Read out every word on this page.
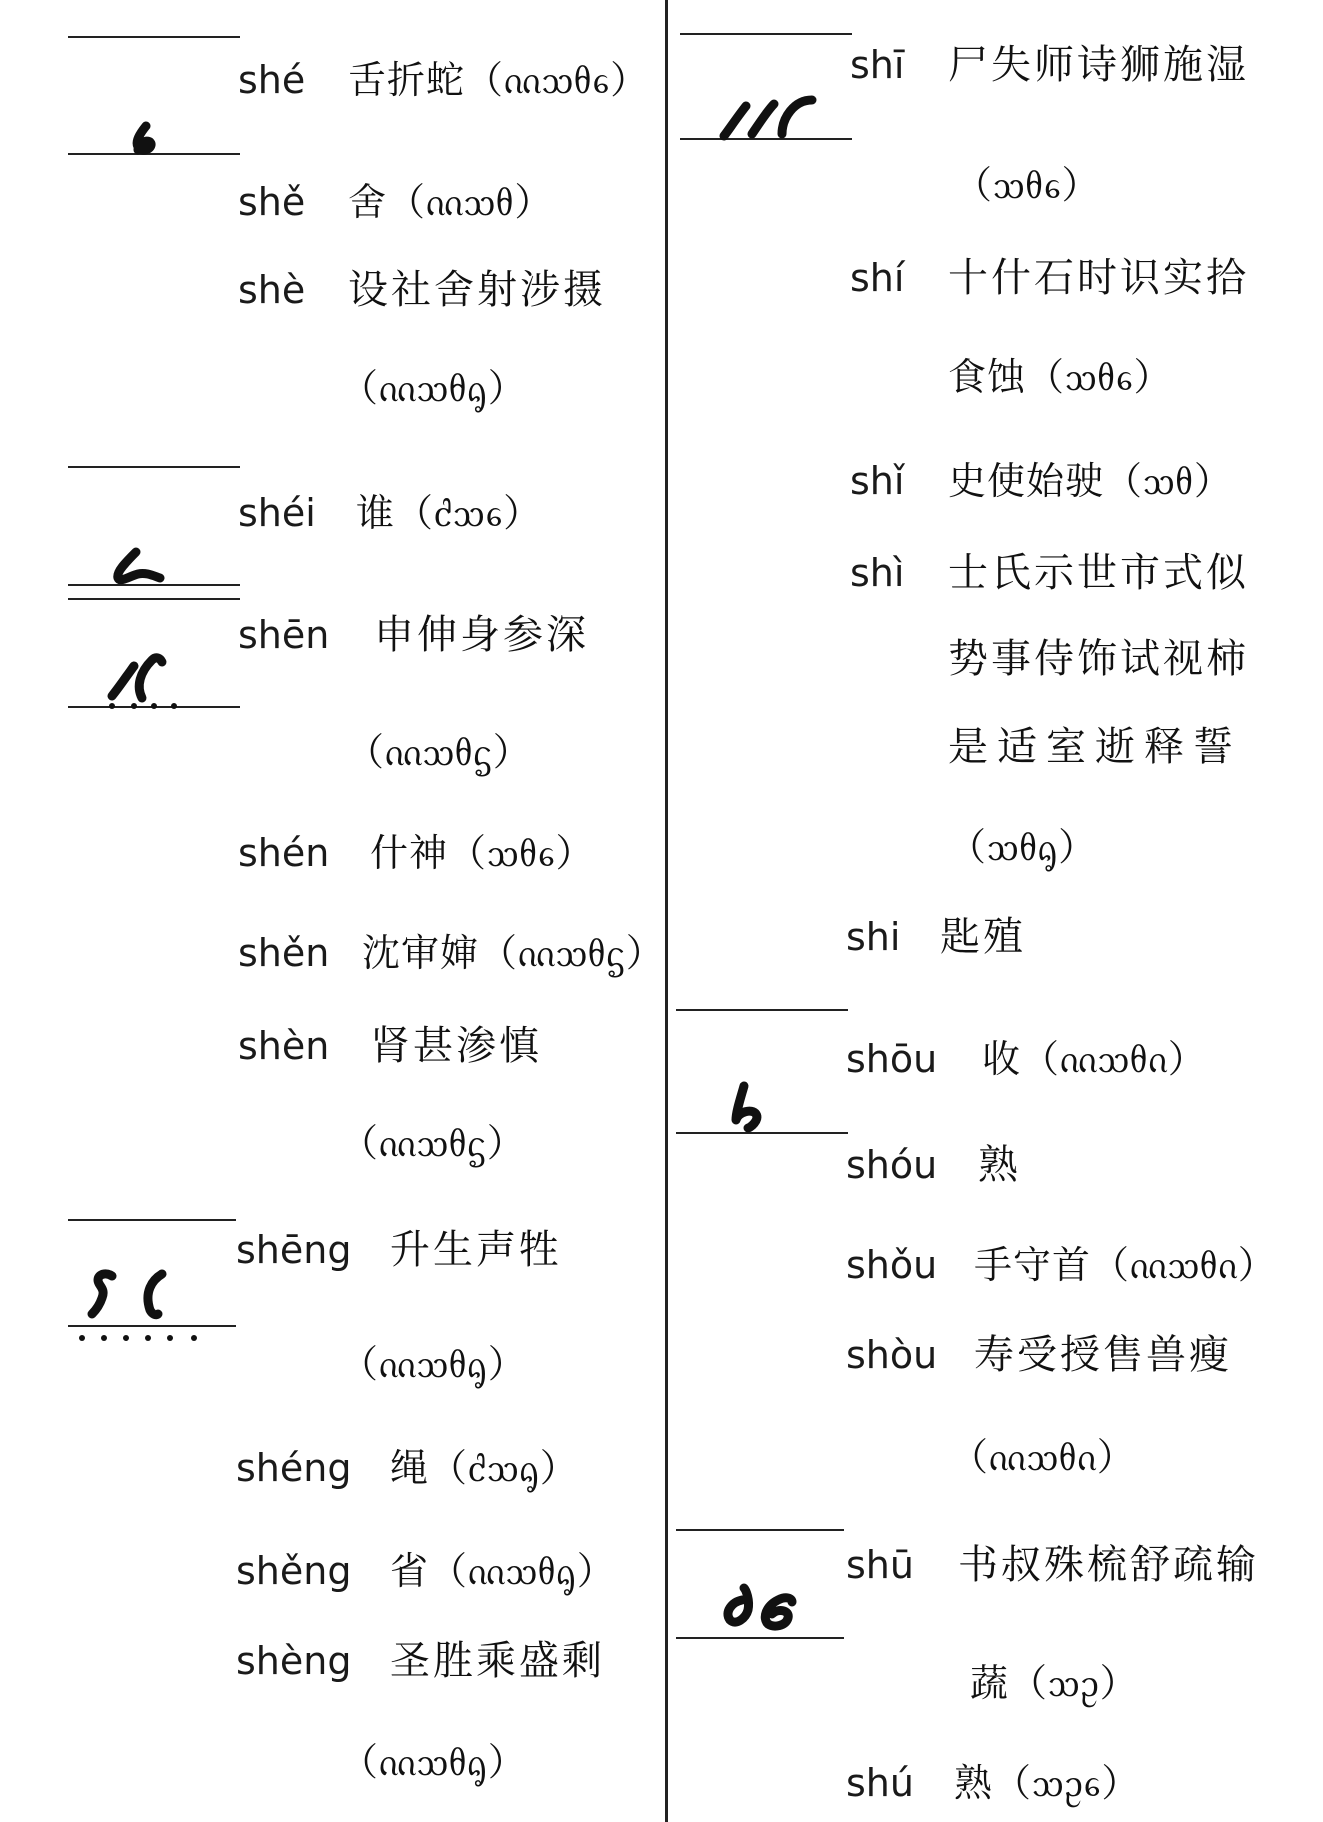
shé 舌折蛇（ᦶᦉᦲᧈ）
shě 舍（ᦶᦉᦲ）
shè 设社舍射涉摄
（ᦶᦉᦲᧂ）
shéi 谁（ᦺᦉᧈ）
shēn 申伸身参深
（ᦶᦉᦲᧃ）
shén 什神（ᦉᦲᧈ）
shěn 沈审婶（ᦶᦉᦲᧃ）
shèn 肾甚渗慎
（ᦶᦉᦲᧃ）
shēng 升生声牲
（ᦶᦉᦲᧂ）
shéng 绳（ᦺᦉᧂ）
shěng 省（ᦶᦉᦲᧂ）
shèng 圣胜乘盛剩
（ᦶᦉᦲᧂ）
shī 尸失师诗狮施湿
（ᦉᦲᧈ）
shí 十什石时识实拾
食蚀（ᦉᦲᧈ）
shǐ 史使始驶（ᦉᦲ）
shì 士氏示世市式似
势事侍饰试视柿
是适室逝释誓
（ᦉᦲᧂ）
shi 匙殖
shōu 收（ᦶᦉᦲᦵ）
shóu 熟
shǒu 手守首（ᦶᦉᦲᦵ）
shòu 寿受授售兽瘦
（ᦶᦉᦲᦵ）
shū 书叔殊梳舒疏输
蔬（ᦉᦳ）
shú 熟（ᦉᦳᧈ）
